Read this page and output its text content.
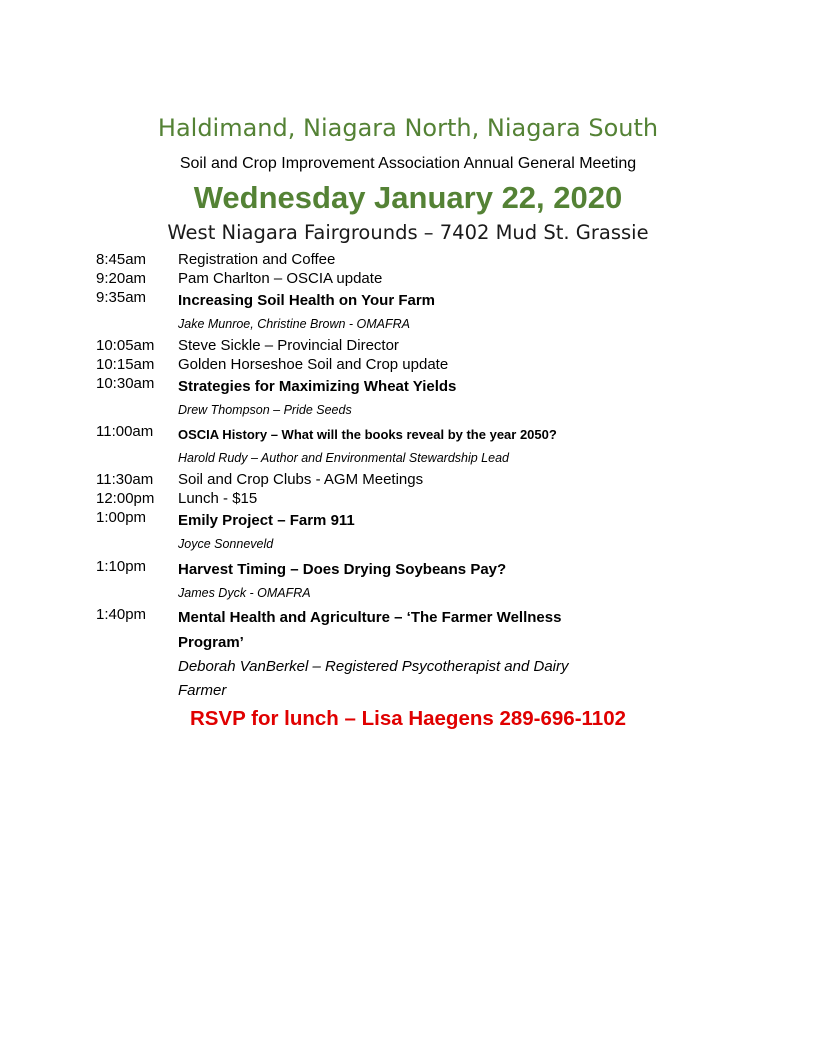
Haldimand, Niagara North, Niagara South
Soil and Crop Improvement Association Annual General Meeting
Wednesday January 22, 2020
West Niagara Fairgrounds – 7402 Mud St. Grassie
8:45am Registration and Coffee
9:20am Pam Charlton – OSCIA update
9:35am Increasing Soil Health on Your Farm
Jake Munroe, Christine Brown - OMAFRA
10:05am Steve Sickle – Provincial Director
10:15am Golden Horseshoe Soil and Crop update
10:30am Strategies for Maximizing Wheat Yields
Drew Thompson – Pride Seeds
11:00am OSCIA History – What will the books reveal by the year 2050?
Harold Rudy – Author and Environmental Stewardship Lead
11:30am Soil and Crop Clubs - AGM Meetings
12:00pm Lunch - $15
1:00pm Emily Project – Farm 911
Joyce Sonneveld
1:10pm Harvest Timing – Does Drying Soybeans Pay?
James Dyck - OMAFRA
1:40pm Mental Health and Agriculture – ‘The Farmer Wellness
Program’
Deborah VanBerkel – Registered Psycotherapist and Dairy
Farmer
RSVP for lunch – Lisa Haegens 289-696-1102
